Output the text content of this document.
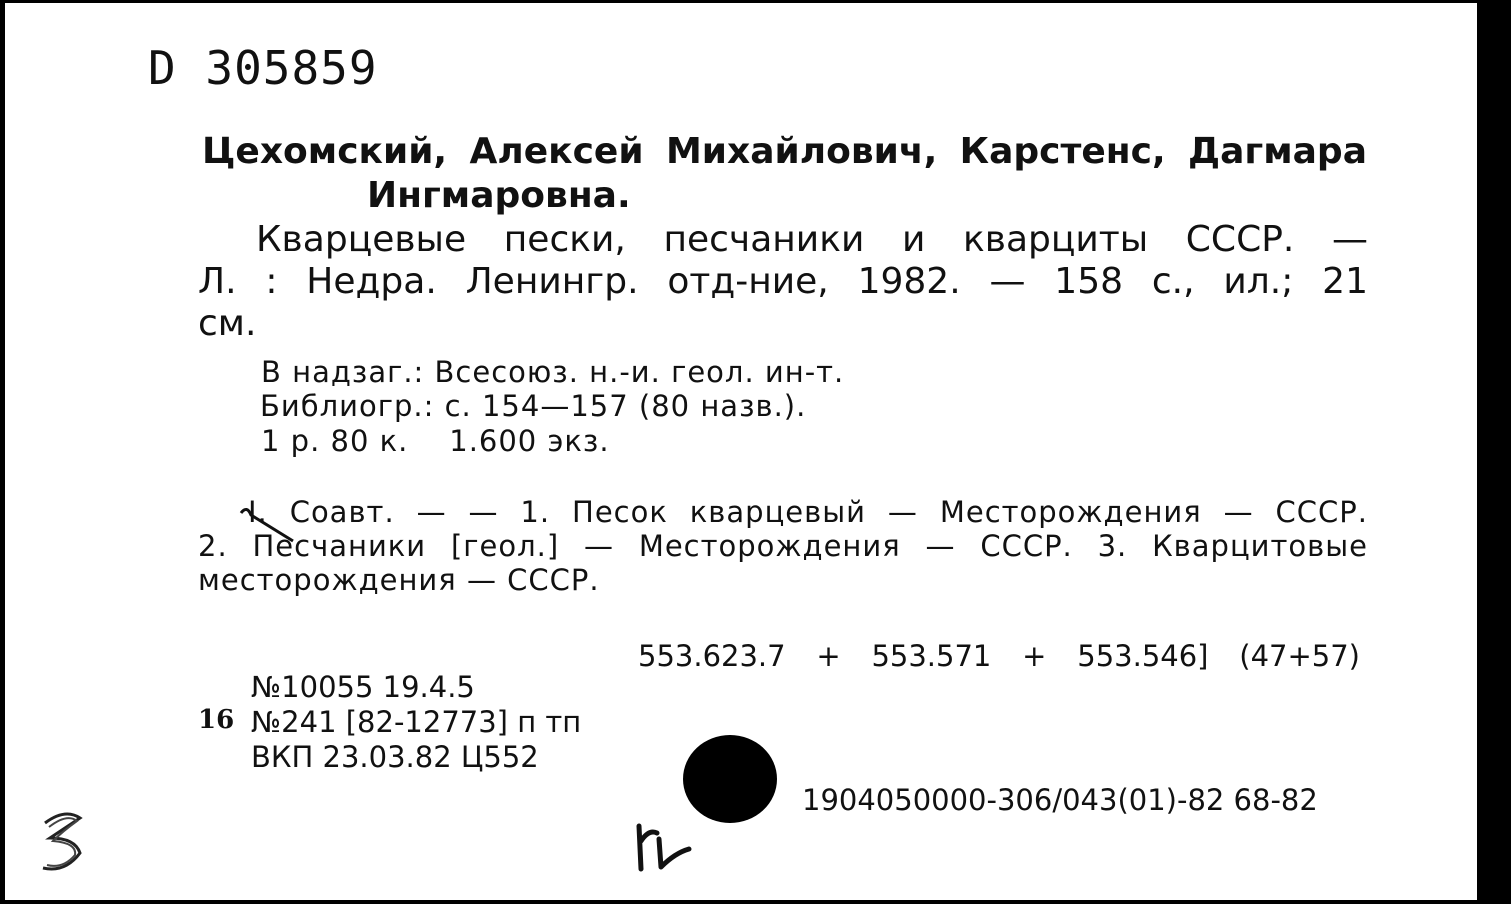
D 305859
Цехомский, Алексей Михайлович, Карстенс, Дагмара
Ингмаровна.
Кварцевые пески, песчаники и кварциты СССР. —
Л. : Недра. Ленингр. отд-ние, 1982. — 158 с., ил.; 21
см.
В надзаг.: Всесоюз. н.-и. геол. ин-т.
Библиогр.: с. 154—157 (80 назв.).
1 р. 80 к.    1.600 экз.
I. Соавт. — — 1. Песок кварцевый — Месторождения — СССР.
2. Песчаники [геол.] — Месторождения — СССР. 3. Кварцитовые
месторождения — СССР.
553.623.7 + 553.571 + 553.546] (47+57)
№10055 19.4.5
16 №241 [82-12773] п тп
ВКП 23.03.82 Ц552
1904050000-306/043(01)-82 68-82
